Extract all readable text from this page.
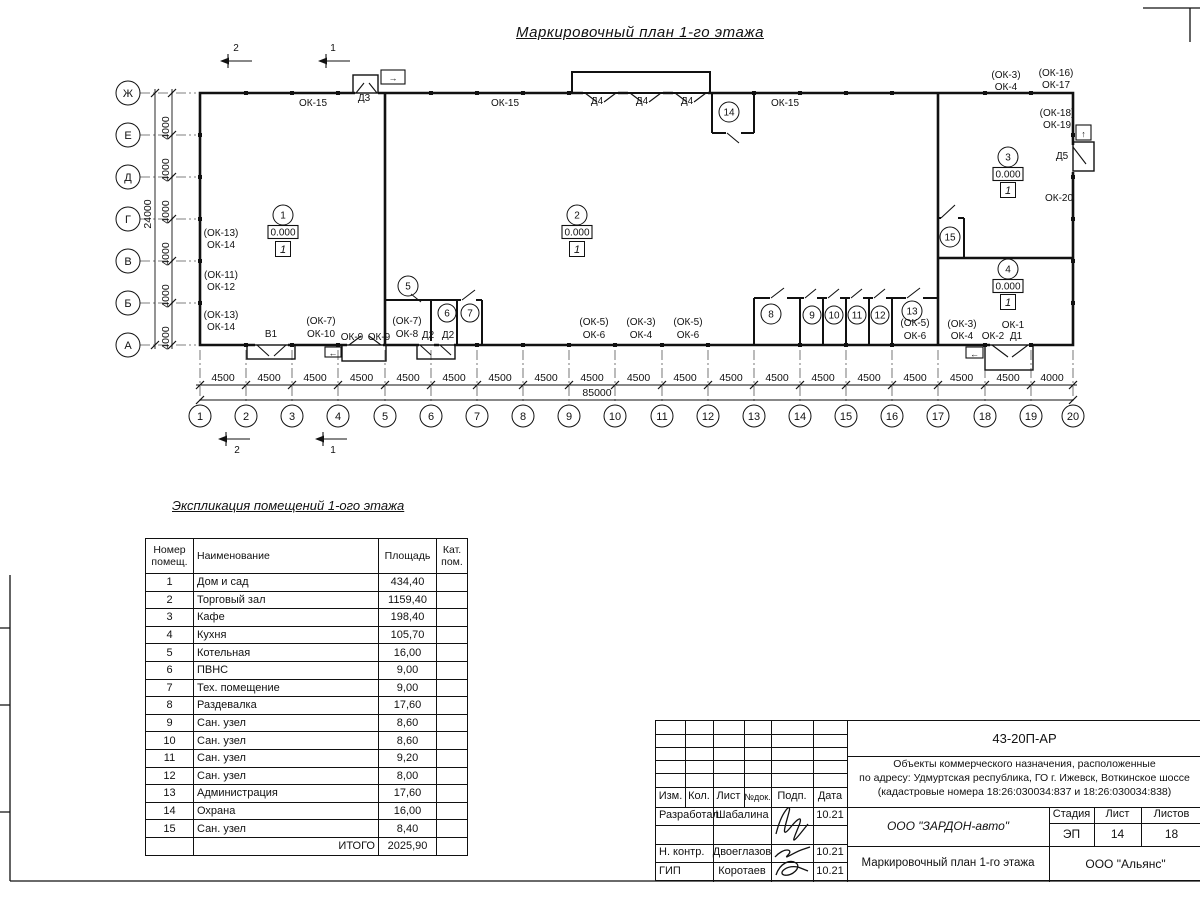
Маркировочный план 1-го этажа
ОК-15	Д3	ОК-15	Д4	Д4	Д4	ОК-15
(ОК-3)
ОК-4
(ОК-16)
ОК-17
(ОК-18)
ОК-19
Д5
ОК-20
(ОК-13)
ОК-14
(ОК-11)
ОК-12
(ОК-13)
ОК-14
В1
(ОК-7)
ОК-10 ОК-9 ОК-9
(ОК-7)
ОК-8 Д2 Д2
(ОК-5)
ОК-6
(ОК-3)
ОК-4
(ОК-5)
ОК-6
(ОК-5)
ОК-6
(ОК-3)
ОК-4
ОК-1
ОК-2 Д1
2	1
2	1
→
↑
←	←
1	2	3	4	5	6	7	8	9	10	11	12	13	14	15	16	17	18	19	20
Ж
Е
Д
Г
В
Б
А
4500 4500 4500 4500 4500 4500 4500 4500 4500 4500 4500 4500 4500 4500 4500 4500 4500 4500 4000
85000
4000
4000
4000
4000
4000
4000
24000	1
0.000
1
2
0.000
1
3
0.000
1
4
0.000
1
5
6 7	8	9 10 11 12 13
14
15
Экспликация помещений 1-ого этажа
Номер помещ.	Наименование	Площадь	Кат. пом.
1	Дом и сад	434,40	
2	Торговый зал	1159,40	
3	Кафе	198,40	
4	Кухня	105,70	
5	Котельная	16,00	
6	ПВНС	9,00	
7	Тех. помещение	9,00	
8	Раздевалка	17,60	
9	Сан. узел	8,60	
10	Сан. узел	8,60	
11	Сан. узел	9,20	
12	Сан. узел	8,00	
13	Администрация	17,60	
14	Охрана	16,00	
15	Сан. узел	8,40	
	ИТОГО	2025,90	
Изм. Кол. Лист №док. Подп.	Дата
Разработал
Шабалина	10.21
Н. контр. Двоеглазов	10.21
ГИП	Коротаев	10.21
43-20П-АР
Объекты коммерческого назначения, расположенные
по адресу: Удмуртская республика, ГО г. Ижевск, Воткинское шоссе
(кадастровые номера 18:26:030034:837 и 18:26:030034:838)
ООО "ЗАРДОН-авто"
Стадия	Лист	Листов
ЭП	14	18
Маркировочный план 1-го этажа	ООО "Альянс"
